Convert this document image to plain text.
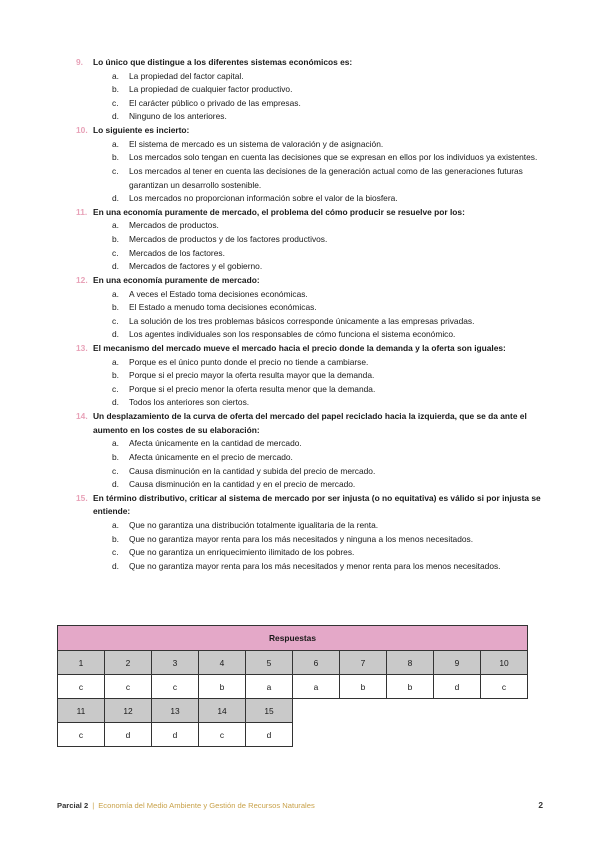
9.	Lo único que distingue a los diferentes sistemas económicos es:
a.	La propiedad del factor capital.
b.	La propiedad de cualquier factor productivo.
c.	El carácter público o privado de las empresas.
d.	Ninguno de los anteriores.
10. Lo siguiente es incierto:
a.	El sistema de mercado es un sistema de valoración y de asignación.
b.	Los mercados solo tengan en cuenta las decisiones que se expresan en ellos por los individuos ya existentes.
c.	Los mercados al tener en cuenta las decisiones de la generación actual como de las generaciones futuras garantizan un desarrollo sostenible.
d.	Los mercados no proporcionan información sobre el valor de la biosfera.
11. En una economía puramente de mercado, el problema del cómo producir se resuelve por los:
a.	Mercados de productos.
b.	Mercados de productos y de los factores productivos.
c.	Mercados de los factores.
d.	Mercados de factores y el gobierno.
12. En una economía puramente de mercado:
a.	A veces el Estado toma decisiones económicas.
b.	El Estado a menudo toma decisiones económicas.
c.	La solución de los tres problemas básicos corresponde únicamente a las empresas privadas.
d.	Los agentes individuales son los responsables de cómo funciona el sistema económico.
13. El mecanismo del mercado mueve el mercado hacia el precio donde la demanda y la oferta son iguales:
a.	Porque es el único punto donde el precio no tiende a cambiarse.
b.	Porque si el precio mayor la oferta resulta mayor que la demanda.
c.	Porque si el precio menor la oferta resulta menor que la demanda.
d.	Todos los anteriores son ciertos.
14. Un desplazamiento de la curva de oferta del mercado del papel reciclado hacia la izquierda, que se da ante el aumento en los costes de su elaboración:
a.	Afecta únicamente en la cantidad de mercado.
b.	Afecta únicamente en el precio de mercado.
c.	Causa disminución en la cantidad y subida del precio de mercado.
d.	Causa disminución en la cantidad y en el precio de mercado.
15. En término distributivo, criticar al sistema de mercado por ser injusta (o no equitativa) es válido si por injusta se entiende:
a.	Que no garantiza una distribución totalmente igualitaria de la renta.
b.	Que no garantiza mayor renta para los más necesitados y ninguna a los menos necesitados.
c.	Que no garantiza un enriquecimiento ilimitado de los pobres.
d.	Que no garantiza mayor renta para los más necesitados y menor renta para los menos necesitados.
Respuestas									
1	2	3	4	5	6	7	8	9	10
c	c	c	b	a	a	b	b	d	c
11	12	13	14	15					
c	d	d	c	d					
Parcial 2 | Economía del Medio Ambiente y Gestión de Recursos Naturales	2
